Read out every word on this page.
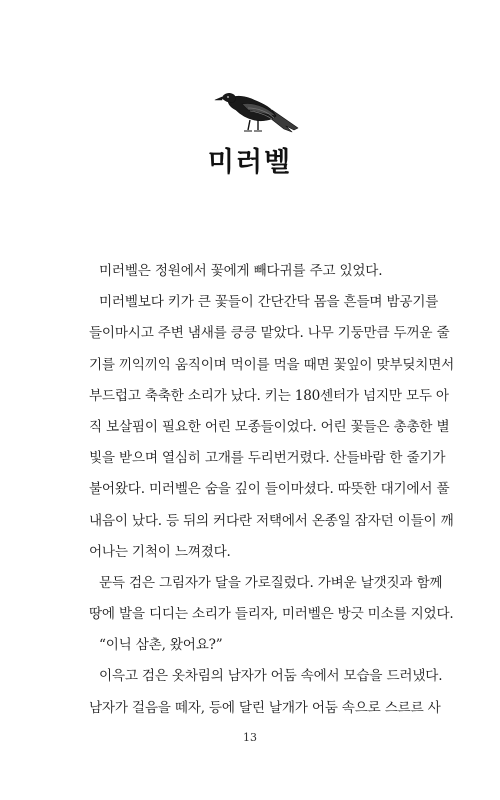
미러벨
미러벨은 정원에서 꽃에게 빼다귀를 주고 있었다.
미러벨보다 키가 큰 꽃들이 간단간닥 몸을 흔들며 밤공기를
들이마시고 주변 냄새를 킁킁 맡았다. 나무 기둥만큼 두꺼운 줄
기를 끼익끼익 움직이며 먹이를 먹을 때면 꽃잎이 맞부딪치면서
부드럽고 축축한 소리가 났다. 키는 180센터가 넘지만 모두 아
직 보살핌이 필요한 어린 모종들이었다. 어린 꽃들은 총총한 별
빛을 받으며 열심히 고개를 두리번거렸다. 산들바람 한 줄기가
불어왔다. 미러벨은 숨을 깊이 들이마셨다. 따뜻한 대기에서 풀
내음이 났다. 등 뒤의 커다란 저택에서 온종일 잠자던 이들이 깨
어나는 기척이 느껴졌다.
문득 검은 그림자가 달을 가로질렀다. 가벼운 날갯짓과 함께
땅에 발을 디디는 소리가 들리자, 미러벨은 방긋 미소를 지었다.
“이닉 삼촌, 왔어요?”
이윽고 검은 옷차림의 남자가 어둠 속에서 모습을 드러냈다.
남자가 걸음을 떼자, 등에 달린 날개가 어둠 속으로 스르르 사
13
